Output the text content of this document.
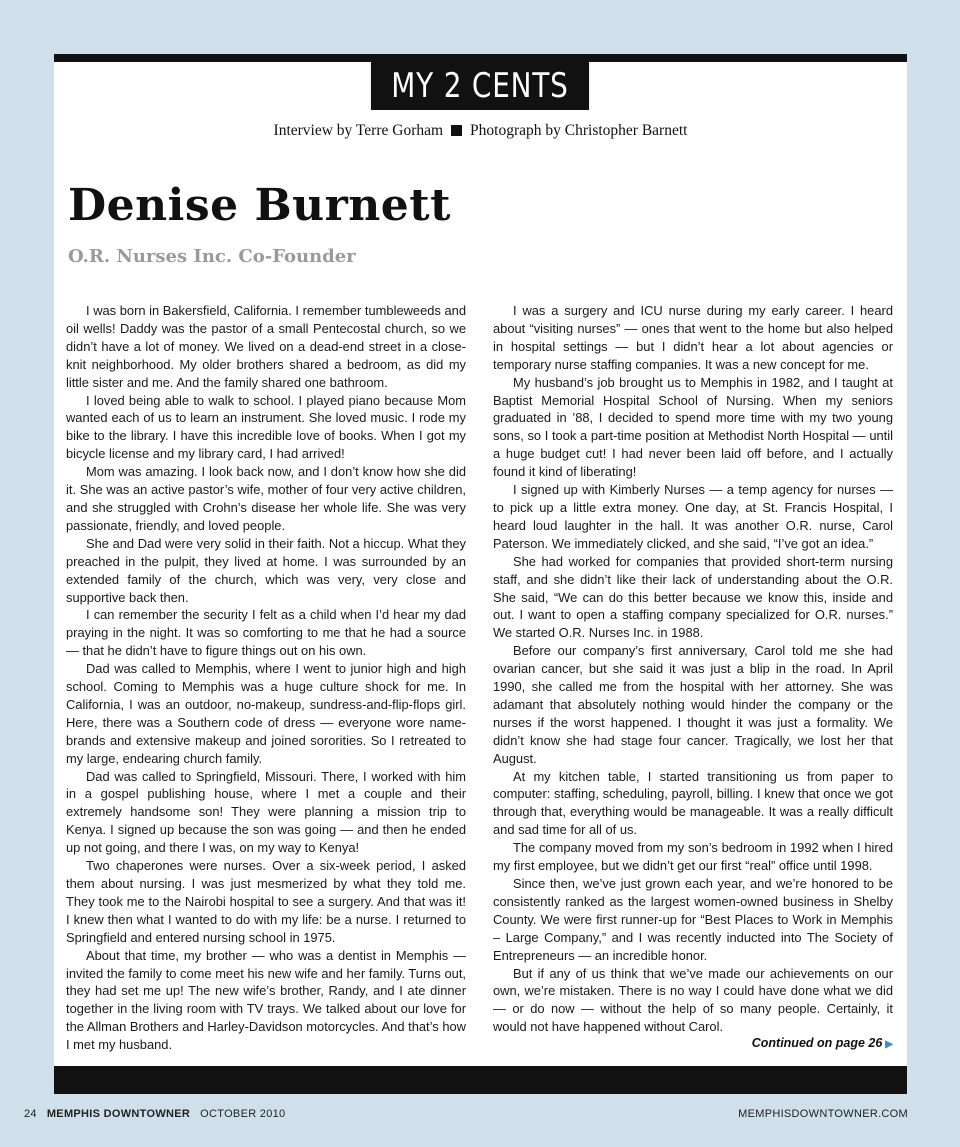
MY 2 CENTS
Interview by Terre Gorham Photograph by Christopher Barnett
Denise Burnett
O.R. Nurses Inc. Co-Founder

I was born in Bakersfield, California. I remember tumbleweeds and oil wells! Daddy was the pastor of a small Pentecostal church, so we didn’t have a lot of money. We lived on a dead-end street in a close-knit neighborhood. My older brothers shared a bedroom, as did my little sister and me. And the family shared one bathroom.

I loved being able to walk to school. I played piano because Mom wanted each of us to learn an instrument. She loved music. I rode my bike to the library. I have this incredible love of books. When I got my bicycle license and my library card, I had arrived!

Mom was amazing. I look back now, and I don’t know how she did it. She was an active pastor’s wife, mother of four very active children, and she struggled with Crohn’s disease her whole life. She was very passionate, friendly, and loved people.

She and Dad were very solid in their faith. Not a hiccup. What they preached in the pulpit, they lived at home. I was surrounded by an extended family of the church, which was very, very close and supportive back then.

I can remember the security I felt as a child when I’d hear my dad praying in the night. It was so comforting to me that he had a source — that he didn’t have to figure things out on his own.

Dad was called to Memphis, where I went to junior high and high school. Coming to Memphis was a huge culture shock for me. In California, I was an outdoor, no-makeup, sundress-and-flip-flops girl. Here, there was a Southern code of dress — everyone wore name-brands and extensive makeup and joined sororities. So I retreated to my large, endearing church family.

Dad was called to Springfield, Missouri. There, I worked with him in a gospel publishing house, where I met a couple and their extremely handsome son! They were planning a mission trip to Kenya. I signed up because the son was going — and then he ended up not going, and there I was, on my way to Kenya!

Two chaperones were nurses. Over a six-week period, I asked them about nursing. I was just mesmerized by what they told me. They took me to the Nairobi hospital to see a surgery. And that was it! I knew then what I wanted to do with my life: be a nurse. I returned to Springfield and entered nursing school in 1975.

About that time, my brother — who was a dentist in Memphis — invited the family to come meet his new wife and her family. Turns out, they had set me up! The new wife’s brother, Randy, and I ate dinner together in the living room with TV trays. We talked about our love for the Allman Brothers and Harley-Davidson motorcycles. And that’s how I met my husband.

I was a surgery and ICU nurse during my early career. I heard about “visiting nurses” — ones that went to the home but also helped in hospital settings — but I didn’t hear a lot about agencies or temporary nurse staffing companies. It was a new concept for me.

My husband’s job brought us to Memphis in 1982, and I taught at Baptist Memorial Hospital School of Nursing. When my seniors graduated in ’88, I decided to spend more time with my two young sons, so I took a part-time position at Methodist North Hospital — until a huge budget cut! I had never been laid off before, and I actually found it kind of liberating!

I signed up with Kimberly Nurses — a temp agency for nurses — to pick up a little extra money. One day, at St. Francis Hospital, I heard loud laughter in the hall. It was another O.R. nurse, Carol Paterson. We immediately clicked, and she said, “I’ve got an idea.”

She had worked for companies that provided short-term nursing staff, and she didn’t like their lack of understanding about the O.R. She said, “We can do this better because we know this, inside and out. I want to open a staffing company specialized for O.R. nurses.” We started O.R. Nurses Inc. in 1988.

Before our company’s first anniversary, Carol told me she had ovarian cancer, but she said it was just a blip in the road. In April 1990, she called me from the hospital with her attorney. She was adamant that absolutely nothing would hinder the company or the nurses if the worst happened. I thought it was just a formality. We didn’t know she had stage four cancer. Tragically, we lost her that August.

At my kitchen table, I started transitioning us from paper to computer: staffing, scheduling, payroll, billing. I knew that once we got through that, everything would be manageable. It was a really difficult and sad time for all of us.

The company moved from my son’s bedroom in 1992 when I hired my first employee, but we didn’t get our first “real” office until 1998.

Since then, we’ve just grown each year, and we’re honored to be consistently ranked as the largest women-owned business in Shelby County. We were first runner-up for “Best Places to Work in Memphis – Large Company,” and I was recently inducted into The Society of Entrepreneurs — an incredible honor.

But if any of us think that we’ve made our achievements on our own, we’re mistaken. There is no way I could have done what we did — or do now — without the help of so many people. Certainly, it would not have happened without Carol.

Continued on page 26 ▶
24 MEMPHIS DOWNTOWNER OCTOBER 2010	MEMPHISDOWNTOWNER.COM
